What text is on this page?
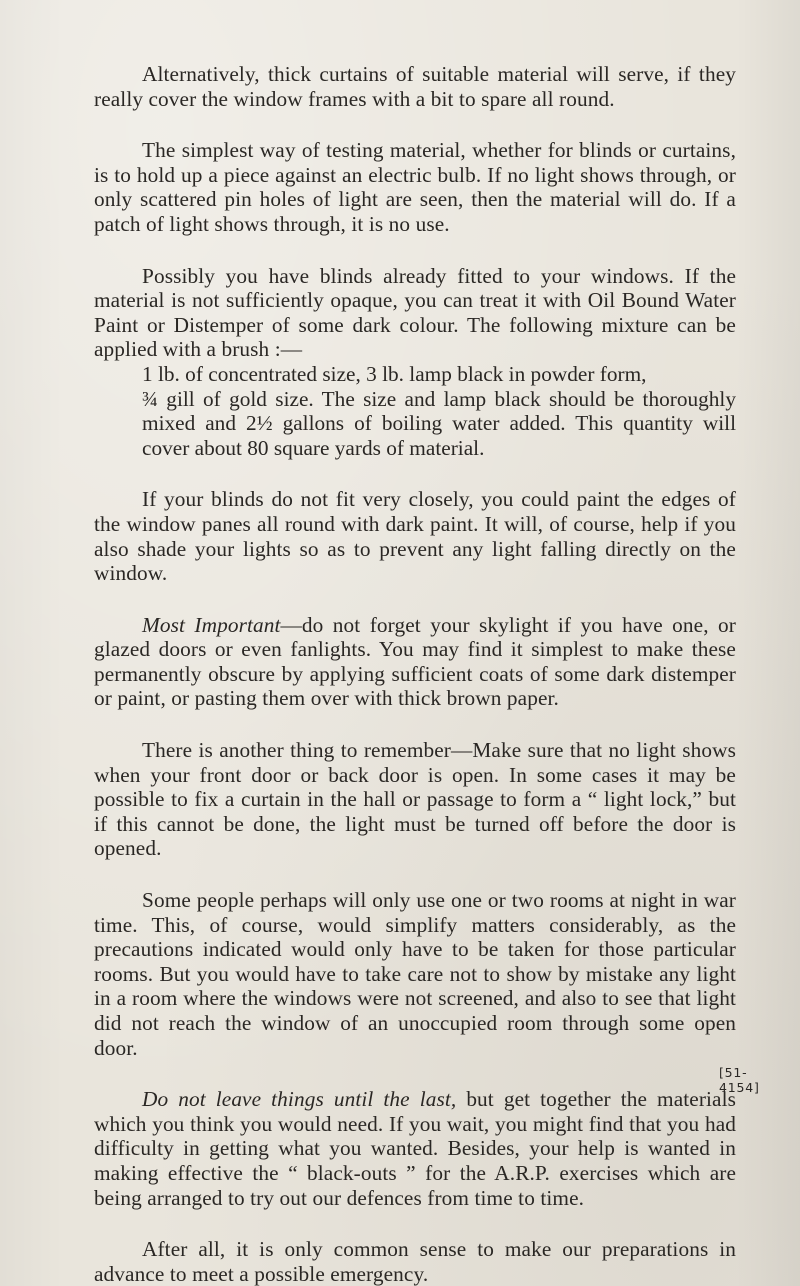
Alternatively, thick curtains of suitable material will serve, if they really cover the window frames with a bit to spare all round.

The simplest way of testing material, whether for blinds or curtains, is to hold up a piece against an electric bulb. If no light shows through, or only scattered pin holes of light are seen, then the material will do. If a patch of light shows through, it is no use.

Possibly you have blinds already fitted to your windows. If the material is not sufficiently opaque, you can treat it with Oil Bound Water Paint or Distemper of some dark colour. The following mixture can be applied with a brush :—

1 lb. of concentrated size, 3 lb. lamp black in powder form,
¾ gill of gold size. The size and lamp black should be thoroughly mixed and 2½ gallons of boiling water added. This quantity will cover about 80 square yards of material.

If your blinds do not fit very closely, you could paint the edges of the window panes all round with dark paint. It will, of course, help if you also shade your lights so as to prevent any light falling directly on the window.

Most Important—do not forget your skylight if you have one, or glazed doors or even fanlights. You may find it simplest to make these permanently obscure by applying sufficient coats of some dark distemper or paint, or pasting them over with thick brown paper.

There is another thing to remember—Make sure that no light shows when your front door or back door is open. In some cases it may be possible to fix a curtain in the hall or passage to form a “ light lock,” but if this cannot be done, the light must be turned off before the door is opened.

Some people perhaps will only use one or two rooms at night in war time. This, of course, would simplify matters considerably, as the precautions indicated would only have to be taken for those particular rooms. But you would have to take care not to show by mistake any light in a room where the windows were not screened, and also to see that light did not reach the window of an unoccupied room through some open door.

Do not leave things until the last, but get together the materials which you think you would need. If you wait, you might find that you had difficulty in getting what you wanted. Besides, your help is wanted in making effective the “ black-outs ” for the A.R.P. exercises which are being arranged to try out our defences from time to time.

After all, it is only common sense to make our preparations in advance to meet a possible emergency.

[51-4154]
